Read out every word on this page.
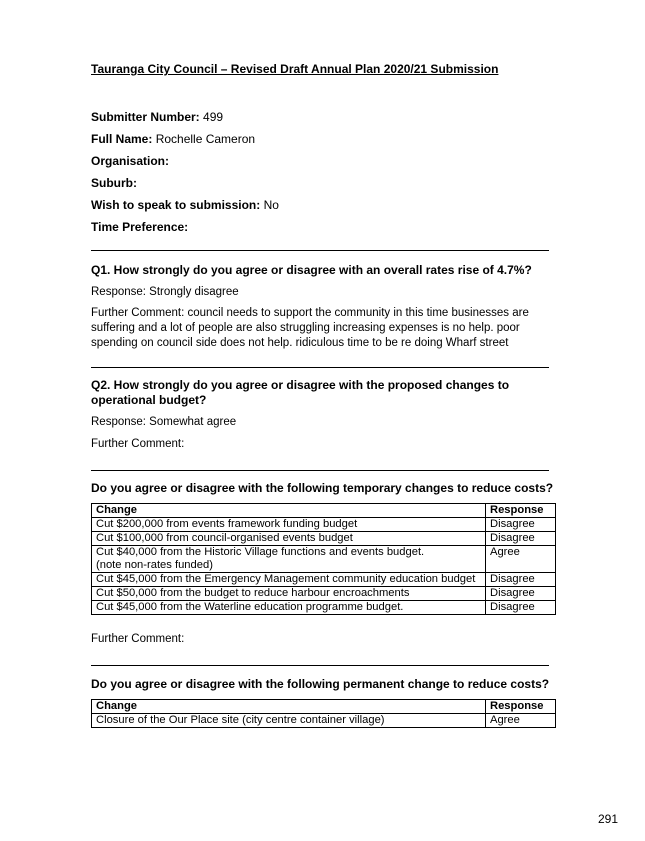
Tauranga City Council – Revised Draft Annual Plan 2020/21 Submission
Submitter Number: 499
Full Name: Rochelle Cameron
Organisation:
Suburb:
Wish to speak to submission: No
Time Preference:
Q1. How strongly do you agree or disagree with an overall rates rise of 4.7%?
Response: Strongly disagree
Further Comment: council needs to support the community in this time businesses are suffering and a lot of people are also struggling increasing expenses is no help. poor spending on council side does not help. ridiculous time to be re doing Wharf street
Q2. How strongly do you agree or disagree with the proposed changes to operational budget?
Response: Somewhat agree
Further Comment:
Do you agree or disagree with the following temporary changes to reduce costs?
Change	Response
Cut $200,000 from events framework funding budget	Disagree
Cut $100,000 from council-organised events budget	Disagree
Cut $40,000 from the Historic Village functions and events budget.
(note non-rates funded)	Agree
Cut $45,000 from the Emergency Management community education budget	Disagree
Cut $50,000 from the budget to reduce harbour encroachments	Disagree
Cut $45,000 from the Waterline education programme budget.	Disagree
Further Comment:
Do you agree or disagree with the following permanent change to reduce costs?
Change	Response
Closure of the Our Place site (city centre container village)	Agree
291
